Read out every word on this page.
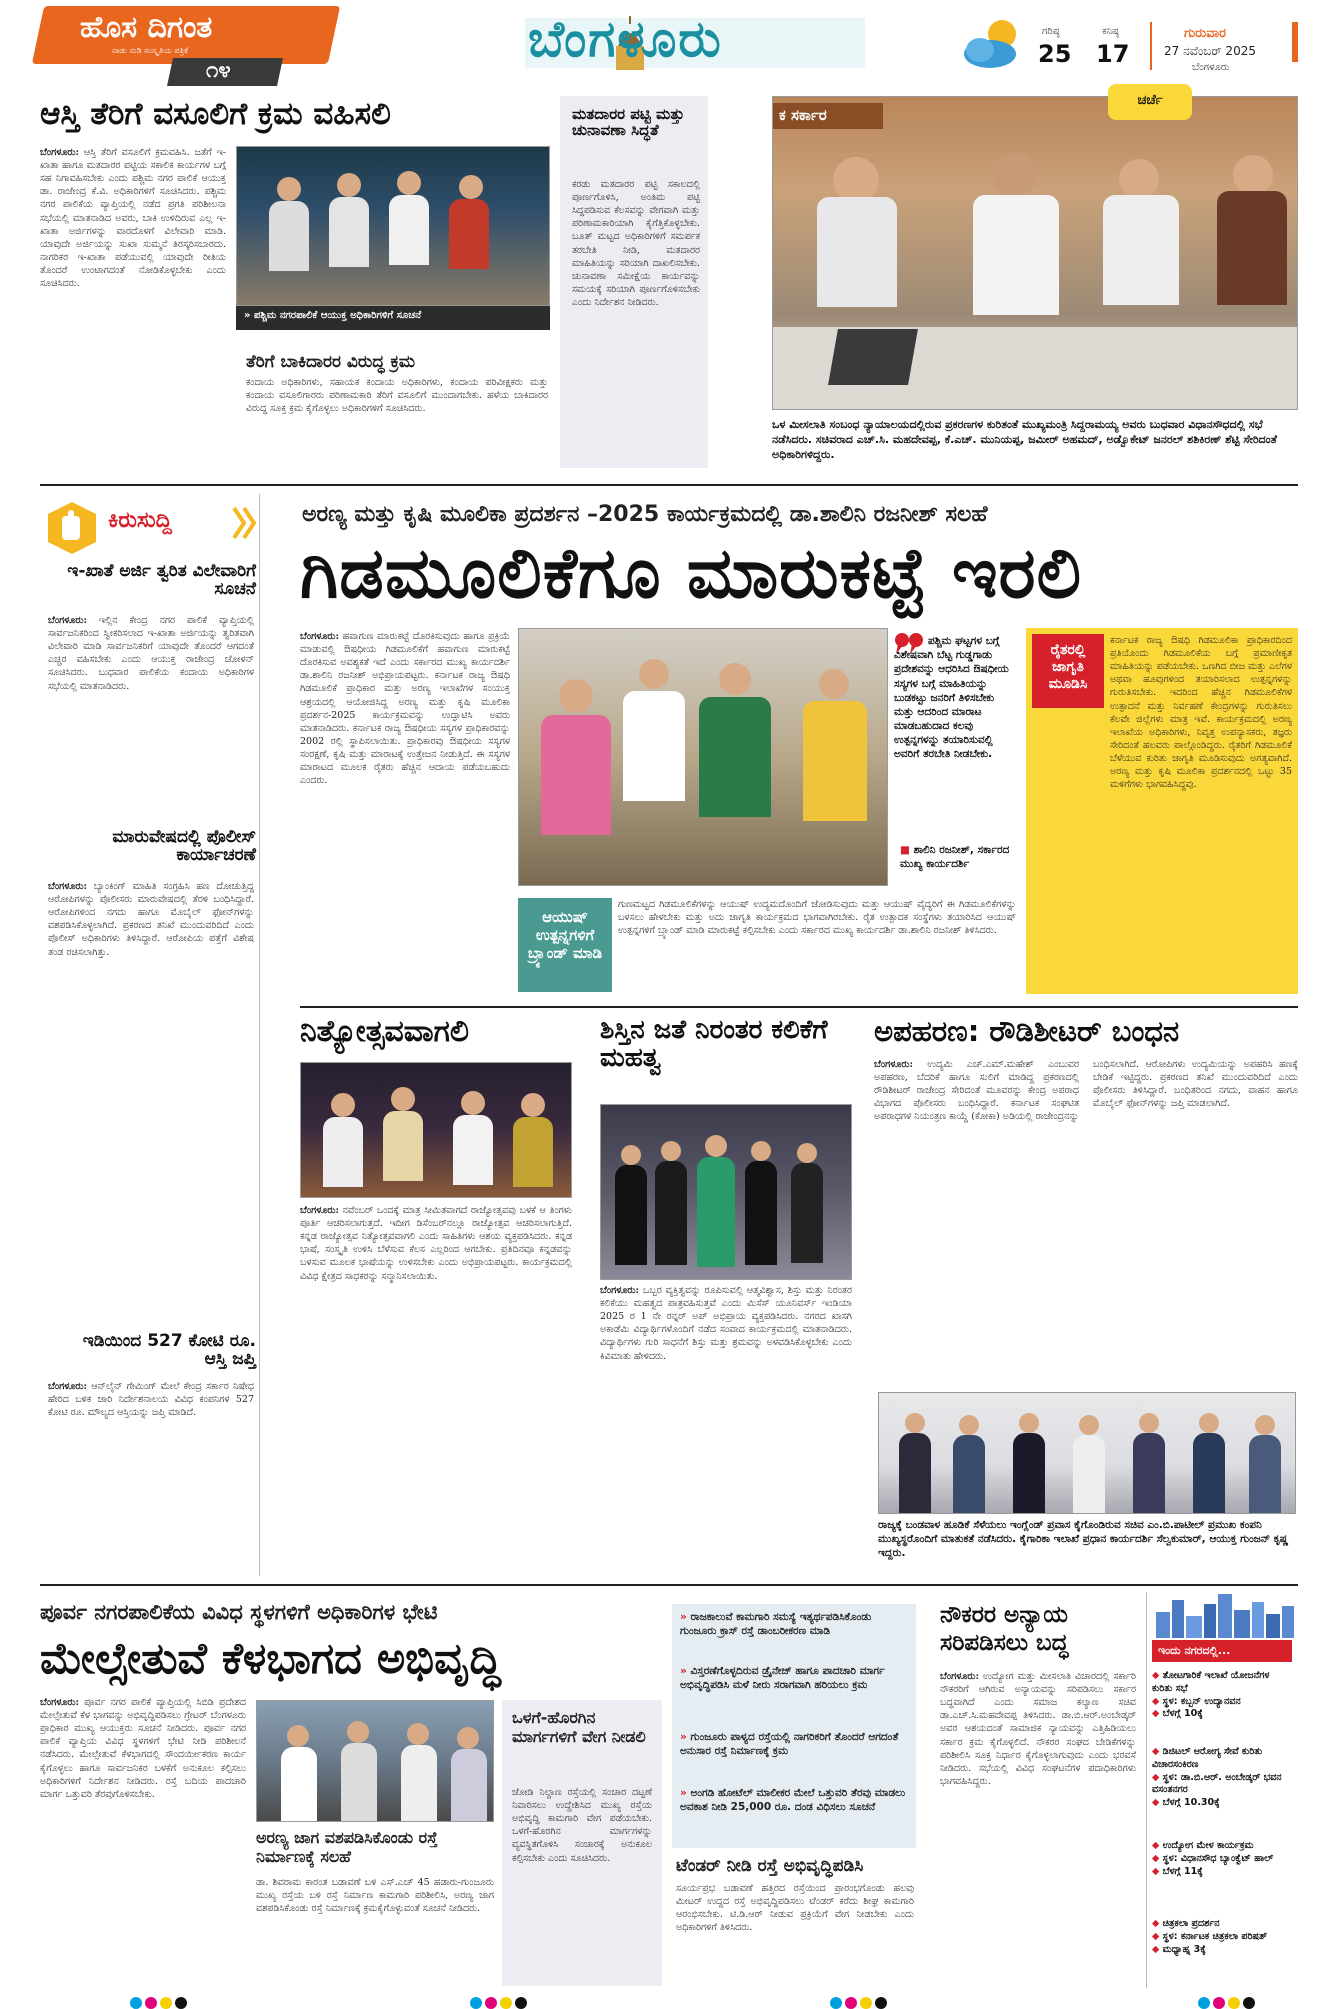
ಹೊಸ ದಿಗಂತ
ನಾಡು ನುಡಿ ಸಂಸ್ಕೃತಿಯ ಪತ್ರಿಕೆ
೧೪
ಬೆಂಗಳೂರು	ಗರಿಷ್ಠ
25
ಕನಿಷ್ಠ
17
ಗುರುವಾರ
27 ನವೆಂಬರ್ 2025
ಬೆಂಗಳೂರು
ಆಸ್ತಿ ತೆರಿಗೆ ವಸೂಲಿಗೆ ಕ್ರಮ ವಹಿಸಲಿ
ಬೆಂಗಳೂರು: ಆಸ್ತಿ ತೆರಿಗೆ ವಸೂಲಿಗೆ ಕ್ರಮವಹಿಸಿ. ಜತೆಗೆ ಇ-ಖಾತಾ ಹಾಗೂ ಮತದಾರರ ಪಟ್ಟಿಯ ಸಕಾಲಿಕ ಕಾರ್ಯಗಳ ಬಗ್ಗೆ ಸಹ ನಿಗಾವಹಿಸಬೇಕು ಎಂದು ಪಶ್ಚಿಮ ನಗರ ಪಾಲಿಕೆ ಆಯುಕ್ತ ಡಾ. ರಾಜೇಂದ್ರ ಕೆ.ವಿ. ಅಧಿಕಾರಿಗಳಿಗೆ ಸೂಚಿಸಿದರು. ಪಶ್ಚಿಮ ನಗರ ಪಾಲಿಕೆಯ ವ್ಯಾಪ್ತಿಯಲ್ಲಿ ನಡೆದ ಪ್ರಗತಿ ಪರಿಶೀಲನಾ ಸಭೆಯಲ್ಲಿ ಮಾತನಾಡಿದ ಅವರು, ಬಾಕಿ ಉಳಿದಿರುವ ಎಲ್ಲ ಇ-ಖಾತಾ ಅರ್ಜಿಗಳನ್ನು ವಾರದೊಳಗೆ ವಿಲೇವಾರಿ ಮಾಡಿ. ಯಾವುದೇ ಅರ್ಜಿಯನ್ನು ಸುಖಾ ಸುಮ್ಮನೆ ತಿರಸ್ಕರಿಸಬಾರದು. ನಾಗರಿಕರ ಇ-ಖಾತಾ ಪಡೆಯುವಲ್ಲಿ ಯಾವುದೇ ರೀತಿಯ ತೊಂದರೆ ಉಂಟಾಗದಂತೆ ನೋಡಿಕೊಳ್ಳಬೇಕು ಎಂದು ಸೂಚಿಸಿದರು.
» ಪಶ್ಚಿಮ ನಗರಪಾಲಿಕೆ ಆಯುಕ್ತ ಅಧಿಕಾರಿಗಳಿಗೆ ಸೂಚನೆ
ತೆರಿಗೆ ಬಾಕಿದಾರರ ವಿರುದ್ಧ ಕ್ರಮ
ಕಂದಾಯ ಅಧಿಕಾರಿಗಳು, ಸಹಾಯಕ ಕಂದಾಯ ಅಧಿಕಾರಿಗಳು, ಕಂದಾಯ ಪರಿವೀಕ್ಷಕರು ಮತ್ತು ಕಂದಾಯ ವಸೂಲಿಗಾರರು ಪರಿಣಾಮಕಾರಿ ತೆರಿಗೆ ವಸೂಲಿಗೆ ಮುಂದಾಗಬೇಕು. ಹಳೆಯ ಬಾಕಿದಾರರ ವಿರುದ್ಧ ಸೂಕ್ತ ಕ್ರಮ ಕೈಗೊಳ್ಳಲು ಅಧಿಕಾರಿಗಳಿಗೆ ಸೂಚಿಸಿದರು.
ಮತದಾರರ ಪಟ್ಟಿ ಮತ್ತು ಚುನಾವಣಾ ಸಿದ್ಧತೆ
ಕರಡು ಮತದಾರರ ಪಟ್ಟಿ ಸಕಾಲದಲ್ಲಿ ಪೂರ್ಣಗೊಳಿಸಿ, ಅಂತಿಮ ಪಟ್ಟಿ ಸಿದ್ಧಪಡಿಸುವ ಕೆಲಸವನ್ನು ವೇಗವಾಗಿ ಮತ್ತು ಪರಿಣಾಮಕಾರಿಯಾಗಿ ಕೈಗೆತ್ತಿಕೊಳ್ಳಬೇಕು. ಬೂತ್ ಮಟ್ಟದ ಅಧಿಕಾರಿಗಳಿಗೆ ಸಮರ್ಪಕ ತರಬೇತಿ ನೀಡಿ, ಮತದಾರರ ಮಾಹಿತಿಯನ್ನು ಸರಿಯಾಗಿ ದಾಖಲಿಸಬೇಕು. ಚುನಾವಣಾ ಸಮೀಕ್ಷೆಯ ಕಾರ್ಯವನ್ನು ಸಮಯಕ್ಕೆ ಸರಿಯಾಗಿ ಪೂರ್ಣಗೊಳಿಸಬೇಕು ಎಂದು ನಿರ್ದೇಶನ ನೀಡಿದರು.
ಕ ಸರ್ಕಾರ
ಚರ್ಚೆ
ಒಳ ಮೀಸಲಾತಿ ಸಂಬಂಧ ನ್ಯಾಯಾಲಯದಲ್ಲಿರುವ ಪ್ರಕರಣಗಳ ಕುರಿತಂತೆ ಮುಖ್ಯಮಂತ್ರಿ ಸಿದ್ದರಾಮಯ್ಯ ಅವರು ಬುಧವಾರ ವಿಧಾನಸೌಧದಲ್ಲಿ ಸಭೆ ನಡೆಸಿದರು. ಸಚಿವರಾದ ಎಚ್.ಸಿ. ಮಹದೇವಪ್ಪ, ಕೆ.ಎಚ್. ಮುನಿಯಪ್ಪ, ಜಮೀರ್ ಅಹಮದ್, ಅಡ್ವೊಕೇಟ್ ಜನರಲ್ ಶಶಿಕಿರಣ್ ಶೆಟ್ಟಿ ಸೇರಿದಂತೆ ಅಧಿಕಾರಿಗಳಿದ್ದರು.
ಕಿರುಸುದ್ದಿ
ಇ-ಖಾತೆ ಅರ್ಜಿ ತ್ವರಿತ ವಿಲೇವಾರಿಗೆ ಸೂಚನೆ
ಬೆಂಗಳೂರು: ಇಲ್ಲಿನ ಕೇಂದ್ರ ನಗರ ಪಾಲಿಕೆ ವ್ಯಾಪ್ತಿಯಲ್ಲಿ ಸಾರ್ವಜನಿಕರಿಂದ ಸ್ವೀಕರಿಸಲಾದ ಇ-ಖಾತಾ ಅರ್ಜಿಯನ್ನು ತ್ವರಿತವಾಗಿ ವಿಲೇವಾರಿ ಮಾಡಿ ಸಾರ್ವಜನಿಕರಿಗೆ ಯಾವುದೇ ತೊಂದರೆ ಆಗದಂತೆ ಎಚ್ಚರ ವಹಿಸಬೇಕು ಎಂದು ಆಯುಕ್ತ ರಾಜೇಂದ್ರ ಚೋಳನ್ ಸೂಚಿಸಿದರು. ಬುಧವಾರ ಪಾಲಿಕೆಯ ಕಂದಾಯ ಅಧಿಕಾರಿಗಳ ಸಭೆಯಲ್ಲಿ ಮಾತನಾಡಿದರು.
ಮಾರುವೇಷದಲ್ಲಿ ಪೊಲೀಸ್ ಕಾರ್ಯಾಚರಣೆ
ಬೆಂಗಳೂರು: ಬ್ಯಾಂಕಿಂಗ್ ಮಾಹಿತಿ ಸಂಗ್ರಹಿಸಿ ಹಣ ದೋಚುತ್ತಿದ್ದ ಆರೋಪಿಗಳನ್ನು ಪೊಲೀಸರು ಮಾರುವೇಷದಲ್ಲಿ ತೆರಳಿ ಬಂಧಿಸಿದ್ದಾರೆ. ಆರೋಪಿಗಳಿಂದ ನಗದು ಹಾಗೂ ಮೊಬೈಲ್ ಫೋನ್‌ಗಳನ್ನು ವಶಪಡಿಸಿಕೊಳ್ಳಲಾಗಿದೆ. ಪ್ರಕರಣದ ತನಿಖೆ ಮುಂದುವರಿದಿದೆ ಎಂದು ಪೊಲೀಸ್ ಅಧಿಕಾರಿಗಳು ತಿಳಿಸಿದ್ದಾರೆ. ಆರೋಪಿಯ ಪತ್ತೆಗೆ ವಿಶೇಷ ತಂಡ ರಚಿಸಲಾಗಿತ್ತು.
ಇಡಿಯಿಂದ 527 ಕೋಟಿ ರೂ. ಆಸ್ತಿ ಜಪ್ತಿ
ಬೆಂಗಳೂರು: ಆನ್‌ಲೈನ್ ಗೇಮಿಂಗ್ ಮೇಲೆ ಕೇಂದ್ರ ಸರ್ಕಾರ ನಿಷೇಧ ಹೇರಿದ ಬಳಿಕ ಜಾರಿ ನಿರ್ದೇಶನಾಲಯ ವಿವಿಧ ಕಂಪನಿಗಳ 527 ಕೋಟಿ ರೂ. ಮೌಲ್ಯದ ಆಸ್ತಿಯನ್ನು ಜಪ್ತಿ ಮಾಡಿದೆ.
ಅರಣ್ಯ ಮತ್ತು ಕೃಷಿ ಮೂಲಿಕಾ ಪ್ರದರ್ಶನ –2025 ಕಾರ್ಯಕ್ರಮದಲ್ಲಿ ಡಾ.ಶಾಲಿನಿ ರಜನೀಶ್ ಸಲಹೆ
ಗಿಡಮೂಲಿಕೆಗೂ ಮಾರುಕಟ್ಟೆ ಇರಲಿ
ಬೆಂಗಳೂರು: ಹವಾಗುಣ ಮಾರುಕಟ್ಟೆ ದೊರಕಿಸುವುದು ಹಾಗೂ ಪ್ರಕ್ರಿಯೆ ಮಾಡುವಲ್ಲಿ ಔಷಧೀಯ ಗಿಡಮೂಲಿಕೆಗೆ ಹವಾಗುಣ ಮಾರುಕಟ್ಟೆ ದೊರಕಿಸುವ ಅವಶ್ಯಕತೆ ಇದೆ ಎಂದು ಸರ್ಕಾರದ ಮುಖ್ಯ ಕಾರ್ಯದರ್ಶಿ ಡಾ.ಶಾಲಿನಿ ರಜನೀಶ್ ಅಭಿಪ್ರಾಯಪಟ್ಟರು. ಕರ್ನಾಟಕ ರಾಜ್ಯ ಔಷಧಿ ಗಿಡಮೂಲಿಕೆ ಪ್ರಾಧಿಕಾರ ಮತ್ತು ಅರಣ್ಯ ಇಲಾಖೆಗಳ ಸಂಯುಕ್ತ ಆಶ್ರಯದಲ್ಲಿ ಆಯೋಜಿಸಿದ್ದ ಅರಣ್ಯ ಮತ್ತು ಕೃಷಿ ಮೂಲಿಕಾ ಪ್ರದರ್ಶನ-2025 ಕಾರ್ಯಕ್ರಮವನ್ನು ಉದ್ಘಾಟಿಸಿ ಅವರು ಮಾತನಾಡಿದರು. ಕರ್ನಾಟಕ ರಾಜ್ಯ ಔಷಧೀಯ ಸಸ್ಯಗಳ ಪ್ರಾಧಿಕಾರವನ್ನು 2002 ರಲ್ಲಿ ಸ್ಥಾಪಿಸಲಾಯಿತು. ಪ್ರಾಧಿಕಾರವು ಔಷಧೀಯ ಸಸ್ಯಗಳ ಸಂರಕ್ಷಣೆ, ಕೃಷಿ ಮತ್ತು ಮಾರಾಟಕ್ಕೆ ಉತ್ತೇಜನ ನೀಡುತ್ತಿದೆ. ಈ ಸಸ್ಯಗಳ ಮಾರಾಟದ ಮೂಲಕ ರೈತರು ಹೆಚ್ಚಿನ ಆದಾಯ ಪಡೆಯಬಹುದು ಎಂದರು.
ಪಶ್ಚಿಮ ಘಟ್ಟಗಳ ಬಗ್ಗೆ ವಿಶೇಷವಾಗಿ ಬೆಟ್ಟ ಗುಡ್ಡಗಾಡು ಪ್ರದೇಶವನ್ನು ಆಧರಿಸಿದ ಔಷಧೀಯ ಸಸ್ಯಗಳ ಬಗ್ಗೆ ಮಾಹಿತಿಯನ್ನು ಬುಡಕಟ್ಟು ಜನರಿಗೆ ತಿಳಿಸಬೇಕು ಮತ್ತು ಆದರಿಂದ ಮಾರಾಟ ಮಾಡಬಹುದಾದ ಕಲವು ಉತ್ಪನ್ನಗಳನ್ನು ತಯಾರಿಸುವಲ್ಲಿ ಅವರಿಗೆ ತರಬೇತಿ ನೀಡಬೇಕು.
■ ಶಾಲಿನಿ ರಜನೀಶ್, ಸರ್ಕಾರದ ಮುಖ್ಯ ಕಾರ್ಯದರ್ಶಿ
ಆಯುಷ್ ಉತ್ಪನ್ನಗಳಿಗೆ ಬ್ರ್ಯಾಂಡ್ ಮಾಡಿ
ಗುಣಮಟ್ಟದ ಗಿಡಮೂಲಿಕೆಗಳನ್ನು ಆಯುಷ್ ಉದ್ಯಮದೊಂದಿಗೆ ಜೋಡಿಸುವುದು ಮತ್ತು ಆಯುಷ್ ವೈದ್ಯರಿಗೆ ಈ ಗಿಡಮೂಲಿಕೆಗಳನ್ನು ಬಳಸಲು ಹೇಳಬೇಕು ಮತ್ತು ಅದು ಜಾಗೃತಿ ಕಾರ್ಯಕ್ರಮದ ಭಾಗವಾಗಿರಬೇಕು. ರೈತ ಉತ್ಪಾದಕ ಸಂಸ್ಥೆಗಳು ತಯಾರಿಸಿದ ಆಯುಷ್ ಉತ್ಪನ್ನಗಳಿಗೆ ಬ್ರ್ಯಾಂಡ್ ಮಾಡಿ ಮಾರುಕಟ್ಟೆ ಕಲ್ಪಿಸಬೇಕು ಎಂದು ಸರ್ಕಾರದ ಮುಖ್ಯ ಕಾರ್ಯದರ್ಶಿ ಡಾ.ಶಾಲಿನಿ ರಜನೀಶ್ ತಿಳಿಸಿದರು.
ರೈತರಲ್ಲಿ ಜಾಗೃತಿ ಮೂಡಿಸಿ
ಕರ್ನಾಟಕ ರಾಜ್ಯ ಔಷಧಿ ಗಿಡಮೂಲಿಕಾ ಪ್ರಾಧಿಕಾರದಿಂದ ಪ್ರತಿಯೊಂದು ಗಿಡಮೂಲಿಕೆಯ ಬಗ್ಗೆ ಪ್ರಮಾಣೀಕೃತ ಮಾಹಿತಿಯನ್ನು ಪಡೆಯಬೇಕು. ಒಣಗಿದ ಬೀಜ ಮತ್ತು ಎಲೆಗಳ ಅಥವಾ ಹೂವುಗಳಿಂದ ತಯಾರಿಸಲಾದ ಉತ್ಪನ್ನಗಳನ್ನು ಗುರುತಿಸಬೇಕು. ಇದರಿಂದ ಹೆಚ್ಚಿನ ಗಿಡಮೂಲಿಕೆಗಳ ಉತ್ಪಾದನೆ ಮತ್ತು ನಿರ್ವಹಣೆ ಕೇಂದ್ರಗಳನ್ನು ಗುರುತಿಸಲು ಕೆಲವೇ ಜಿಲ್ಲೆಗಳು ಮಾತ್ರ ಇವೆ. ಕಾರ್ಯಕ್ರಮದಲ್ಲಿ ಅರಣ್ಯ ಇಲಾಖೆಯ ಅಧಿಕಾರಿಗಳು, ನಿವೃತ್ತ ಉಪನ್ಯಾಸಕರು, ತಜ್ಞರು ಸೇರಿದಂತೆ ಹಲವರು ಪಾಲ್ಗೊಂಡಿದ್ದರು. ರೈತರಿಗೆ ಗಿಡಮೂಲಿಕೆ ಬೆಳೆಯುವ ಕುರಿತು ಜಾಗೃತಿ ಮೂಡಿಸುವುದು ಅಗತ್ಯವಾಗಿದೆ. ಅರಣ್ಯ ಮತ್ತು ಕೃಷಿ ಮೂಲಿಕಾ ಪ್ರದರ್ಶನದಲ್ಲಿ ಒಟ್ಟು 35 ಮಳಿಗೆಗಳು ಭಾಗವಹಿಸಿದ್ದವು.
ನಿತ್ಯೋತ್ಸವವಾಗಲಿ
ಬೆಂಗಳೂರು: ನವೆಂಬರ್ ಒಂದಕ್ಕೆ ಮಾತ್ರ ಸೀಮಿತವಾಗದೆ ರಾಜ್ಯೋತ್ಸವವು ಬಳಕೆ ಆ ತಿಂಗಳು ಪೂರ್ತಿ ಆಚರಿಸಲಾಗುತ್ತದೆ. ಇದೀಗ ಡಿಸೆಂಬರ್‌ನಲ್ಲೂ ರಾಜ್ಯೋತ್ಸವ ಆಚರಿಸಲಾಗುತ್ತಿದೆ. ಕನ್ನಡ ರಾಜ್ಯೋತ್ಸವ ನಿತ್ಯೋತ್ಸವವಾಗಲಿ ಎಂದು ಸಾಹಿತಿಗಳು ಆಶಯ ವ್ಯಕ್ತಪಡಿಸಿದರು. ಕನ್ನಡ ಭಾಷೆ, ಸಂಸ್ಕೃತಿ ಉಳಿಸಿ ಬೆಳೆಸುವ ಕೆಲಸ ಎಲ್ಲರಿಂದ ಆಗಬೇಕು. ಪ್ರತಿದಿನವೂ ಕನ್ನಡವನ್ನು ಬಳಸುವ ಮೂಲಕ ಭಾಷೆಯನ್ನು ಉಳಿಸಬೇಕು ಎಂದು ಅಭಿಪ್ರಾಯಪಟ್ಟರು. ಕಾರ್ಯಕ್ರಮದಲ್ಲಿ ವಿವಿಧ ಕ್ಷೇತ್ರದ ಸಾಧಕರನ್ನು ಸನ್ಮಾನಿಸಲಾಯಿತು.
ಶಿಸ್ತಿನ ಜತೆ ನಿರಂತರ ಕಲಿಕೆಗೆ ಮಹತ್ವ
ಬೆಂಗಳೂರು: ಒಬ್ಬರ ವ್ಯಕ್ತಿತ್ವವನ್ನು ರೂಪಿಸುವಲ್ಲಿ ಆತ್ಮವಿಶ್ವಾಸ, ಶಿಸ್ತು ಮತ್ತು ನಿರಂತರ ಕಲಿಕೆಯು ಮಹತ್ವದ ಪಾತ್ರವಹಿಸುತ್ತವೆ ಎಂದು ಮಿಸೆಸ್ ಯೂನಿವರ್ಸ್ ಇಂಡಿಯಾ 2025 ರ 1 ನೇ ರನ್ನರ್ ಅಪ್ ಅಭಿಪ್ರಾಯ ವ್ಯಕ್ತಪಡಿಸಿದರು. ನಗರದ ಖಾಸಗಿ ಅಕಾಡೆಮಿ ವಿದ್ಯಾರ್ಥಿಗಳೊಂದಿಗೆ ನಡೆದ ಸಂವಾದ ಕಾರ್ಯಕ್ರಮದಲ್ಲಿ ಮಾತನಾಡಿದರು. ವಿದ್ಯಾರ್ಥಿಗಳು ಗುರಿ ಸಾಧನೆಗೆ ಶಿಸ್ತು ಮತ್ತು ಶ್ರಮವನ್ನು ಅಳವಡಿಸಿಕೊಳ್ಳಬೇಕು ಎಂದು ಕಿವಿಮಾತು ಹೇಳಿದರು.
ಅಪಹರಣ: ರೌಡಿಶೀಟರ್ ಬಂಧನ
ಬೆಂಗಳೂರು: ಉದ್ಯಮಿ ಎಚ್.ಎಮ್.ಮಹೇಶ್ ಎಂಬುವರ ಅಪಹರಣ, ಬೆದರಿಕೆ ಹಾಗೂ ಸುಲಿಗೆ ಮಾಡಿದ್ದ ಪ್ರಕರಣದಲ್ಲಿ ರೌಡಿಶೀಟರ್ ರಾಜೇಂದ್ರ ಸೇರಿದಂತೆ ಮೂವರನ್ನು ಕೇಂದ್ರ ಅಪರಾಧ ವಿಭಾಗದ ಪೊಲೀಸರು ಬಂಧಿಸಿದ್ದಾರೆ. ಕರ್ನಾಟಕ ಸಂಘಟಿತ ಅಪರಾಧಗಳ ನಿಯಂತ್ರಣ ಕಾಯ್ದೆ (ಕೋಕಾ) ಅಡಿಯಲ್ಲಿ ರಾಜೇಂದ್ರನನ್ನು ಬಂಧಿಸಲಾಗಿದೆ. ಆರೋಪಿಗಳು ಉದ್ಯಮಿಯನ್ನು ಅಪಹರಿಸಿ ಹಣಕ್ಕೆ ಬೇಡಿಕೆ ಇಟ್ಟಿದ್ದರು. ಪ್ರಕರಣದ ತನಿಖೆ ಮುಂದುವರಿದಿದೆ ಎಂದು ಪೊಲೀಸರು ತಿಳಿಸಿದ್ದಾರೆ. ಬಂಧಿತರಿಂದ ನಗದು, ವಾಹನ ಹಾಗೂ ಮೊಬೈಲ್ ಫೋನ್‌ಗಳನ್ನು ಜಪ್ತಿ ಮಾಡಲಾಗಿದೆ.
ರಾಜ್ಯಕ್ಕೆ ಬಂಡವಾಳ ಹೂಡಿಕೆ ಸೆಳೆಯಲು ಇಂಗ್ಲೆಂಡ್ ಪ್ರವಾಸ ಕೈಗೊಂಡಿರುವ ಸಚಿವ ಎಂ.ಬಿ.ಪಾಟೀಲ್ ಪ್ರಮುಖ ಕಂಪನಿ ಮುಖ್ಯಸ್ಥರೊಂದಿಗೆ ಮಾತುಕತೆ ನಡೆಸಿದರು. ಕೈಗಾರಿಕಾ ಇಲಾಖೆ ಪ್ರಧಾನ ಕಾರ್ಯದರ್ಶಿ ಸೆಲ್ವಕುಮಾರ್, ಆಯುಕ್ತ ಗುಂಜನ್ ಕೃಷ್ಣ ಇದ್ದರು.
ಪೂರ್ವ ನಗರಪಾಲಿಕೆಯ ವಿವಿಧ ಸ್ಥಳಗಳಿಗೆ ಅಧಿಕಾರಿಗಳ ಭೇಟಿ
ಮೇಲ್ಸೇತುವೆ ಕೆಳಭಾಗದ ಅಭಿವೃದ್ಧಿ
ಬೆಂಗಳೂರು: ಪೂರ್ವ ನಗರ ಪಾಲಿಕೆ ವ್ಯಾಪ್ತಿಯಲ್ಲಿ ಸಿಬಿಡಿ ಪ್ರದೇಶದ ಮೇಲ್ಸೇತುವೆ ಕೆಳ ಭಾಗವನ್ನು ಅಭಿವೃದ್ಧಿಪಡಿಸಲು ಗ್ರೇಟರ್ ಬೆಂಗಳೂರು ಪ್ರಾಧಿಕಾರ ಮುಖ್ಯ ಆಯುಕ್ತರು ಸೂಚನೆ ನೀಡಿದರು. ಪೂರ್ವ ನಗರ ಪಾಲಿಕೆ ವ್ಯಾಪ್ತಿಯ ವಿವಿಧ ಸ್ಥಳಗಳಿಗೆ ಭೇಟಿ ನೀಡಿ ಪರಿಶೀಲನೆ ನಡೆಸಿದರು. ಮೇಲ್ಸೇತುವೆ ಕೆಳಭಾಗದಲ್ಲಿ ಸೌಂದರ್ಯೀಕರಣ ಕಾರ್ಯ ಕೈಗೊಳ್ಳಲು ಹಾಗೂ ಸಾರ್ವಜನಿಕರ ಬಳಕೆಗೆ ಅನುಕೂಲ ಕಲ್ಪಿಸಲು ಅಧಿಕಾರಿಗಳಿಗೆ ನಿರ್ದೇಶನ ನೀಡಿದರು. ರಸ್ತೆ ಬದಿಯ ಪಾದಚಾರಿ ಮಾರ್ಗ ಒತ್ತುವರಿ ತೆರವುಗೊಳಿಸಬೇಕು.
ಅರಣ್ಯ ಜಾಗ ವಶಪಡಿಸಿಕೊಂಡು ರಸ್ತೆ ನಿರ್ಮಾಣಕ್ಕೆ ಸಲಹೆ
ಡಾ. ಶಿವರಾಮ ಕಾರಂತ ಬಡಾವಣೆ ಬಳಿ ಎಸ್.ಎಚ್ 45 ಹಡಾರು-ಗುಂಜೂರು ಮುಖ್ಯ ರಸ್ತೆಯ ಬಳಿ ರಸ್ತೆ ನಿರ್ಮಾಣ ಕಾಮಗಾರಿ ಪರಿಶೀಲಿಸಿ, ಅರಣ್ಯ ಜಾಗ ವಶಪಡಿಸಿಕೊಂಡು ರಸ್ತೆ ನಿರ್ಮಾಣಕ್ಕೆ ಕ್ರಮಕೈಗೊಳ್ಳುವಂತೆ ಸೂಚನೆ ನೀಡಿದರು.
ಒಳಗೆ-ಹೊರಗಿನ ಮಾರ್ಗಗಳಿಗೆ ವೇಗ ನೀಡಲಿ
ಜೋಡಿ ನಿಲ್ದಾಣ ರಸ್ತೆಯಲ್ಲಿ ಸಂಚಾರ ದಟ್ಟಣೆ ನಿವಾರಿಸಲು ಉದ್ದೇಶಿಸಿದ ಮುಖ್ಯ ರಸ್ತೆಯ ಅಭಿವೃದ್ಧಿ ಕಾಮಗಾರಿ ವೇಗ ಪಡೆಯಬೇಕು. ಒಳಗೆ-ಹೊರಗಿನ ಮಾರ್ಗಗಳನ್ನು ವ್ಯವಸ್ಥಿತಗೊಳಿಸಿ ಸಂಚಾರಕ್ಕೆ ಅನುಕೂಲ ಕಲ್ಪಿಸಬೇಕು ಎಂದು ಸೂಚಿಸಿದರು.
» ರಾಜಕಾಲುವೆ ಕಾಮಗಾರಿ ಸಮಸ್ಯೆ ಇತ್ಯರ್ಥಪಡಿಸಿಕೊಂಡು ಗುಂಜೂರು ಕ್ರಾಸ್ ರಸ್ತೆ ಡಾಂಬರೀಕರಣ ಮಾಡಿ
» ವಿಸ್ತರಣೆಗೊಳ್ಳದಿರುವ ಡ್ರೈನೇಜ್ ಹಾಗೂ ಪಾದಚಾರಿ ಮಾರ್ಗ ಅಭಿವೃದ್ಧಿಪಡಿಸಿ ಮಳೆ ನೀರು ಸರಾಗವಾಗಿ ಹರಿಯಲು ಕ್ರಮ
» ಗುಂಜೂರು ಪಾಳ್ಯದ ರಸ್ತೆಯಲ್ಲಿ ನಾಗರಿಕರಿಗೆ ತೊಂದರೆ ಆಗದಂತೆ ಅನುಸಾರ ರಸ್ತೆ ನಿರ್ಮಾಣಕ್ಕೆ ಕ್ರಮ
» ಅಂಗಡಿ ಹೋಟೆಲ್ ಮಾಲೀಕರ ಮೇಲೆ ಒತ್ತುವರಿ ತೆರವು ಮಾಡಲು ಅವಕಾಶ ನೀಡಿ 25,000 ರೂ. ದಂಡ ವಿಧಿಸಲು ಸೂಚನೆ
ಟೆಂಡರ್ ನೀಡಿ ರಸ್ತೆ ಅಭಿವೃದ್ಧಿಪಡಿಸಿ
ಸೂರ್ಯಪ್ರಭ ಬಡಾವಣೆ ಹತ್ತಿರದ ರಸ್ತೆಯಿಂದ ಪ್ರಾರಂಭಗೊಂಡು ಹಲವು ಮೀಟರ್ ಉದ್ದದ ರಸ್ತೆ ಅಭಿವೃದ್ಧಿಪಡಿಸಲು ಟೆಂಡರ್ ಕರೆದು ಶೀಘ್ರ ಕಾಮಗಾರಿ ಆರಂಭಿಸಬೇಕು. ಟಿ.ಡಿ.ಆರ್ ನೀಡುವ ಪ್ರಕ್ರಿಯೆಗೆ ವೇಗ ನೀಡಬೇಕು ಎಂದು ಅಧಿಕಾರಿಗಳಿಗೆ ತಿಳಿಸಿದರು.
ನೌಕರರ ಅನ್ಯಾಯ ಸರಿಪಡಿಸಲು ಬದ್ಧ
ಬೆಂಗಳೂರು: ಉದ್ಯೋಗ ಮತ್ತು ಮೀಸಲಾತಿ ವಿಚಾರದಲ್ಲಿ ಸರ್ಕಾರಿ ನೌಕರರಿಗೆ ಆಗಿರುವ ಅನ್ಯಾಯವನ್ನು ಸರಿಪಡಿಸಲು ಸರ್ಕಾರ ಬದ್ಧವಾಗಿದೆ ಎಂದು ಸಮಾಜ ಕಲ್ಯಾಣ ಸಚಿವ ಡಾ.ಎಚ್.ಸಿ.ಮಹದೇವಪ್ಪ ತಿಳಿಸಿದರು. ಡಾ.ಬಿ.ಆರ್.ಅಂಬೇಡ್ಕರ್ ಅವರ ಆಶಯದಂತೆ ಸಾಮಾಜಿಕ ನ್ಯಾಯವನ್ನು ಎತ್ತಿಹಿಡಿಯಲು ಸರ್ಕಾರ ಕ್ರಮ ಕೈಗೊಳ್ಳಲಿದೆ. ನೌಕರರ ಸಂಘದ ಬೇಡಿಕೆಗಳನ್ನು ಪರಿಶೀಲಿಸಿ ಸೂಕ್ತ ನಿರ್ಧಾರ ಕೈಗೊಳ್ಳಲಾಗುವುದು ಎಂದು ಭರವಸೆ ನೀಡಿದರು. ಸಭೆಯಲ್ಲಿ ವಿವಿಧ ಸಂಘಟನೆಗಳ ಪದಾಧಿಕಾರಿಗಳು ಭಾಗವಹಿಸಿದ್ದರು.
ಇಂದು ನಗರದಲ್ಲಿ...
◆ ತೋಟಗಾರಿಕೆ ಇಲಾಖೆ ಯೋಜನೆಗಳ ಕುರಿತು ಸಭೆ
◆ ಸ್ಥಳ: ಕಬ್ಬನ್ ಉದ್ಯಾನವನ
◆ ಬೆಳಗ್ಗೆ 10ಕ್ಕೆ
◆ ಡಿಜಿಟಲ್ ಆರೋಗ್ಯ ಸೇವೆ ಕುರಿತು ವಿಚಾರಸಂಕಿರಣ
◆ ಸ್ಥಳ: ಡಾ.ಬಿ.ಆರ್. ಅಂಬೇಡ್ಕರ್ ಭವನ ವಸಂತನಗರ
◆ ಬೆಳಗ್ಗೆ 10.30ಕ್ಕೆ
◆ ಉದ್ಯೋಗ ಮೇಳ ಕಾರ್ಯಕ್ರಮ
◆ ಸ್ಥಳ: ವಿಧಾನಸೌಧ ಬ್ಯಾಂಕ್ವೆಟ್ ಹಾಲ್
◆ ಬೆಳಗ್ಗೆ 11ಕ್ಕೆ
◆ ಚಿತ್ರಕಲಾ ಪ್ರದರ್ಶನ
◆ ಸ್ಥಳ: ಕರ್ನಾಟಕ ಚಿತ್ರಕಲಾ ಪರಿಷತ್
◆ ಮಧ್ಯಾಹ್ನ 3ಕ್ಕೆ
